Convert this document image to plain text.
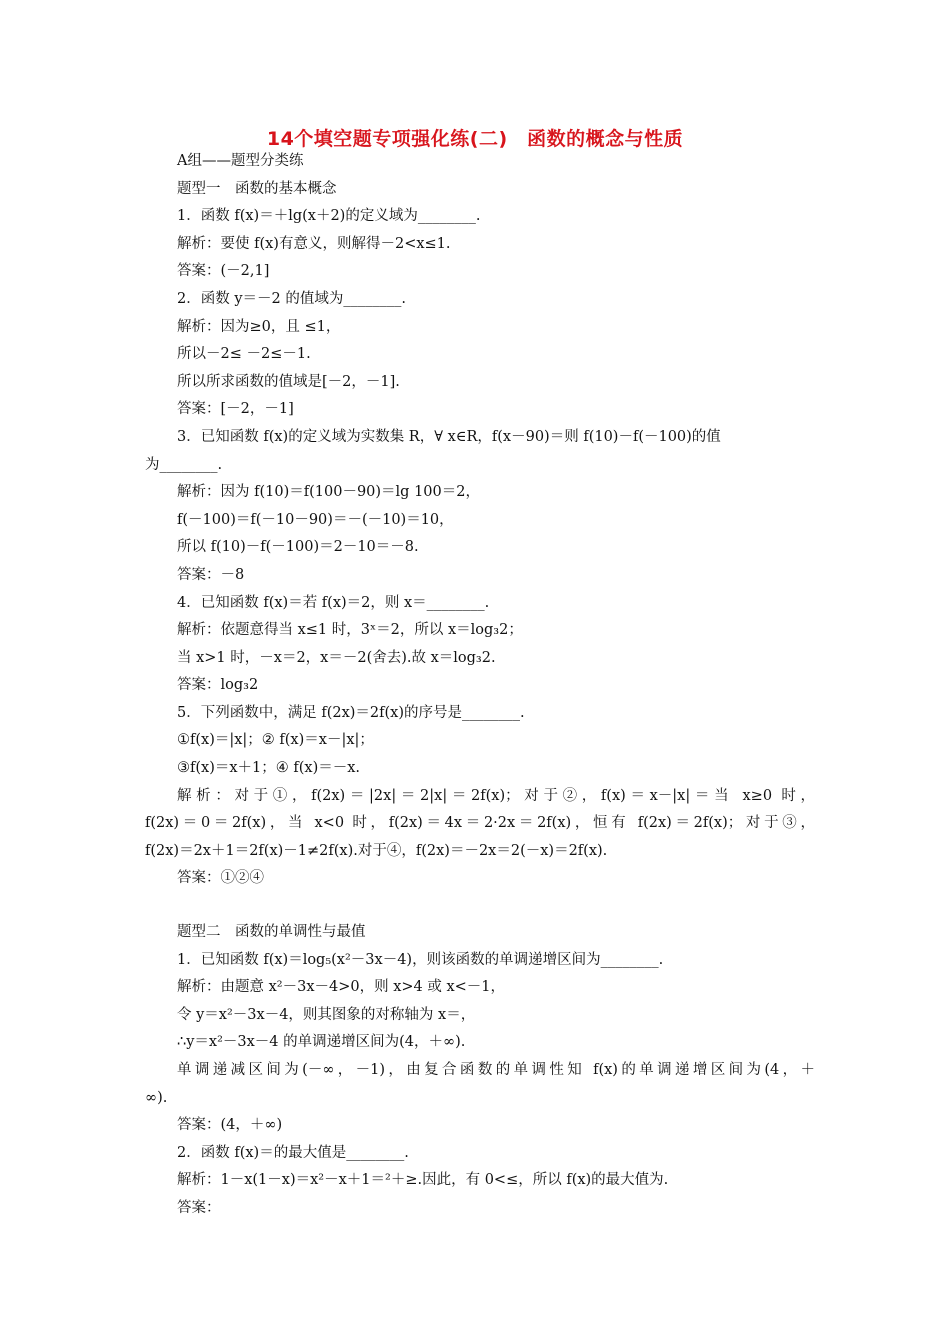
14个填空题专项强化练(二)　函数的概念与性质
A组——题型分类练
题型一　函数的基本概念
1．函数 f(x)＝＋lg(x＋2)的定义域为________.
解析：要使 f(x)有意义，则解得－2<x≤1.
答案：(－2,1]
2．函数 y＝－2 的值域为________.
解析：因为≥0，且 ≤1，
所以－2≤ －2≤－1.
所以所求函数的值域是[－2，－1].
答案：[－2，－1]
3．已知函数 f(x)的定义域为实数集 R，∀ x∈R，f(x－90)＝则 f(10)－f(－100)的值
为________.
解析：因为 f(10)＝f(100－90)＝lg 100＝2，
f(－100)＝f(－10－90)＝－(－10)＝10，
所以 f(10)－f(－100)＝2－10＝－8.
答案：－8
4．已知函数 f(x)＝若 f(x)＝2，则 x＝________.
解析：依题意得当 x≤1 时，3ˣ＝2，所以 x＝log₃2；
当 x>1 时，－x＝2，x＝－2(舍去).故 x＝log₃2.
答案：log₃2
5．下列函数中，满足 f(2x)＝2f(x)的序号是________.
①f(x)＝|x|；② f(x)＝x－|x|；
③f(x)＝x＋1；④ f(x)＝－x.
解析：对于①，f(2x)＝|2x|＝2|x|＝2f(x)；对于②，f(x)＝x－|x|＝当 x≥0 时，
f(2x)＝0＝2f(x)，当 x<0 时，f(2x)＝4x＝2·2x＝2f(x)，恒有 f(2x)＝2f(x)；对于③，
f(2x)＝2x＋1＝2f(x)－1≠2f(x).对于④，f(2x)＝－2x＝2(－x)＝2f(x).
答案：①②④
题型二　函数的单调性与最值
1．已知函数 f(x)＝log₅(x²－3x－4)，则该函数的单调递增区间为________.
解析：由题意 x²－3x－4>0，则 x>4 或 x<－1，
令 y＝x²－3x－4，则其图象的对称轴为 x＝，
∴y＝x²－3x－4 的单调递增区间为(4，＋∞).
单调递减区间为(－∞，－1)，由复合函数的单调性知 f(x)的单调递增区间为(4，＋
∞).
答案：(4，＋∞)
2．函数 f(x)＝的最大值是________.
解析：1－x(1－x)＝x²－x＋1＝²＋≥.因此，有 0<≤，所以 f(x)的最大值为.
答案：
